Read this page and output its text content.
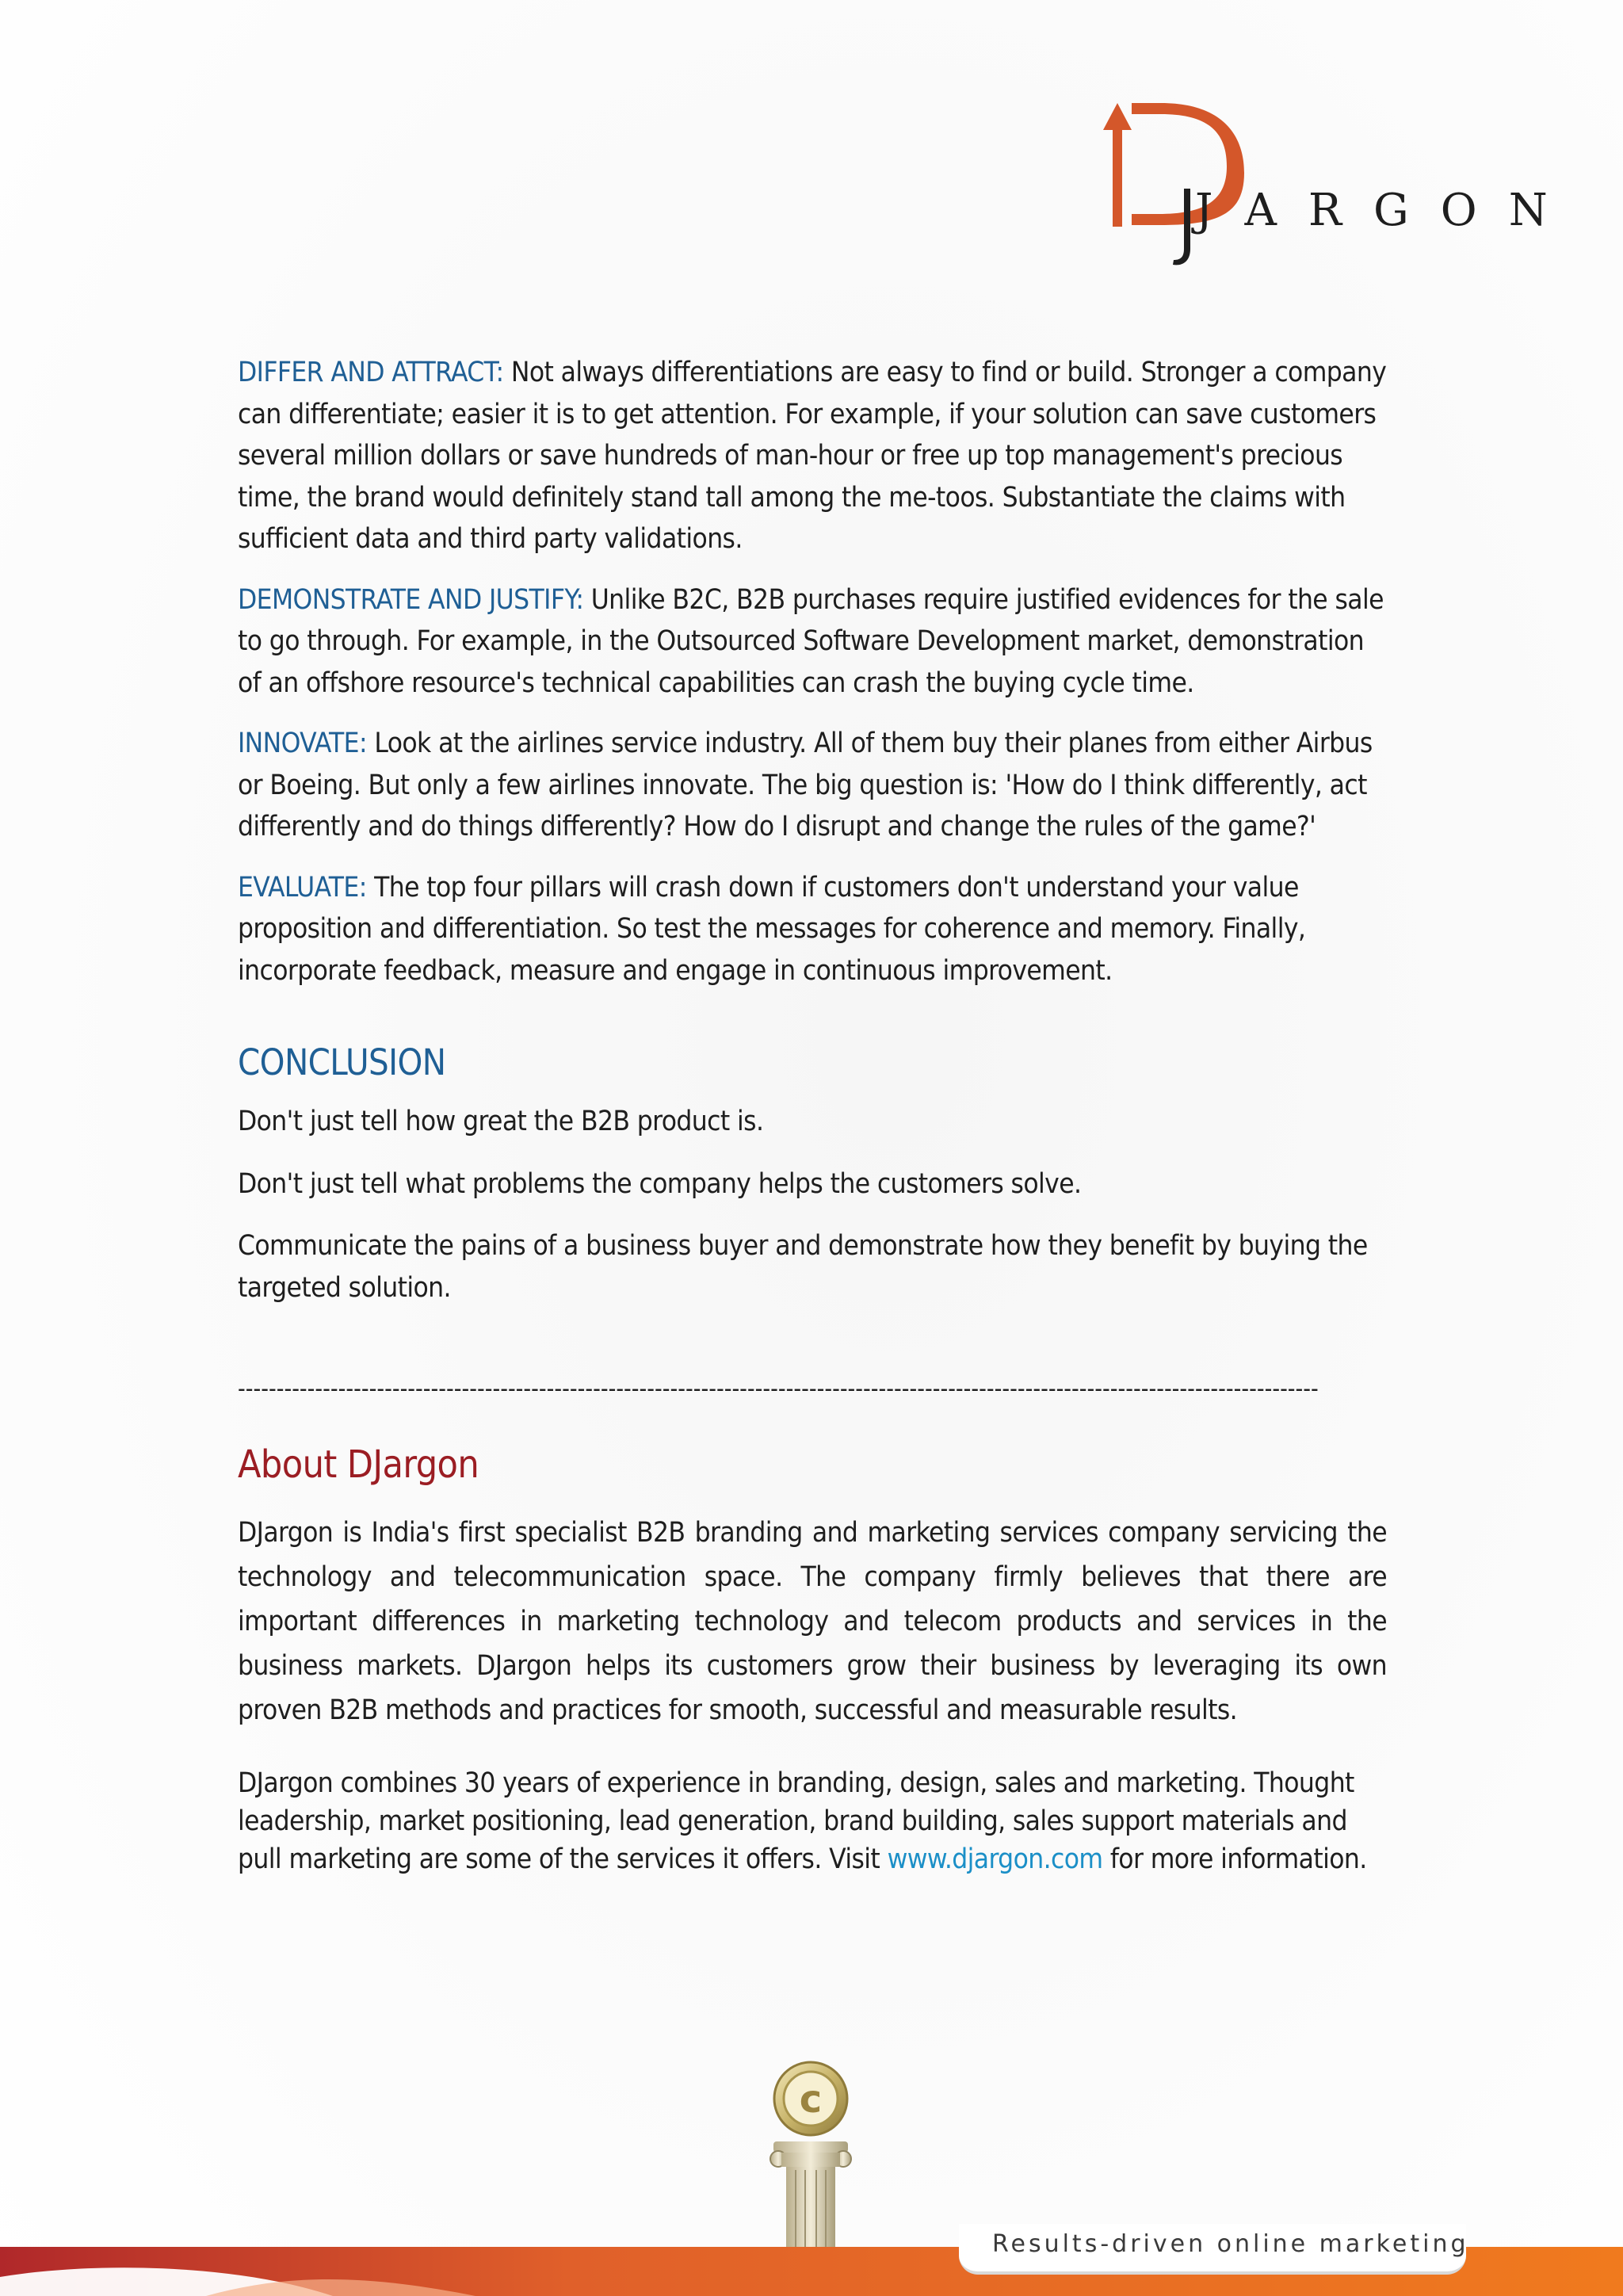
JARGON

DIFFER AND ATTRACT: Not always differentiations are easy to find or build. Stronger a company can differentiate; easier it is to get attention. For example, if your solution can save customers several million dollars or save hundreds of man-hour or free up top management's precious time, the brand would definitely stand tall among the me-toos. Substantiate the claims with sufficient data and third party validations.

DEMONSTRATE AND JUSTIFY: Unlike B2C, B2B purchases require justified evidences for the sale to go through. For example, in the Outsourced Software Development market, demonstration of an offshore resource's technical capabilities can crash the buying cycle time.

INNOVATE: Look at the airlines service industry. All of them buy their planes from either Airbus or Boeing. But only a few airlines innovate. The big question is: 'How do I think differently, act differently and do things differently? How do I disrupt and change the rules of the game?'

EVALUATE: The top four pillars will crash down if customers don't understand your value proposition and differentiation. So test the messages for coherence and memory. Finally, incorporate feedback, measure and engage in continuous improvement.

CONCLUSION

Don't just tell how great the B2B product is.

Don't just tell what problems the company helps the customers solve.

Communicate the pains of a business buyer and demonstrate how they benefit by buying the targeted solution.

--------------------------------------------------------------------------------------------------------------------------------------------

About DJargon

DJargon is India's first specialist B2B branding and marketing services company servicing the technology and telecommunication space. The company firmly believes that there are important differences in marketing technology and telecom products and services in the business markets. DJargon helps its customers grow their business by leveraging its own proven B2B methods and practices for smooth, successful and measurable results.

DJargon combines 30 years of experience in branding, design, sales and marketing. Thought leadership, market positioning, lead generation, brand building, sales support materials and pull marketing are some of the services it offers. Visit www.djargon.com for more information.

c
Results-driven online marketing
